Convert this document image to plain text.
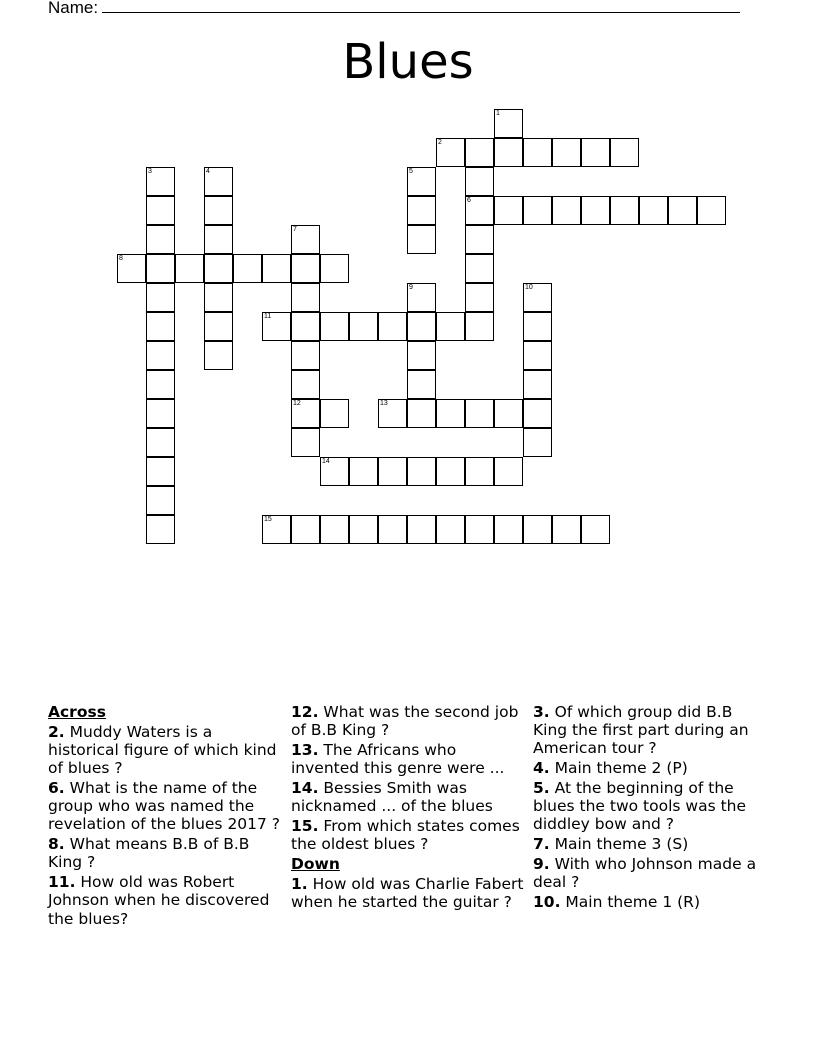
Name:
Blues
1
2
3	4	5
6
7
8
9	10
11
12	13
14
15
Across
2. Muddy Waters is a historical figure of which kind of blues ?
6. What is the name of the group who was named the revelation of the blues 2017 ?
8. What means B.B of B.B King ?
11. How old was Robert Johnson when he discovered the blues?
12. What was the second job of B.B King ?
13. The Africans who invented this genre were ...
14. Bessies Smith was nicknamed ... of the blues
15. From which states comes the oldest blues ?
Down
1. How old was Charlie Fabert when he started the guitar ?
3. Of which group did B.B King the first part during an American tour ?
4. Main theme 2 (P)
5. At the beginning of the blues the two tools was the diddley bow and ?
7. Main theme 3 (S)
9. With who Johnson made a deal ?
10. Main theme 1 (R)
